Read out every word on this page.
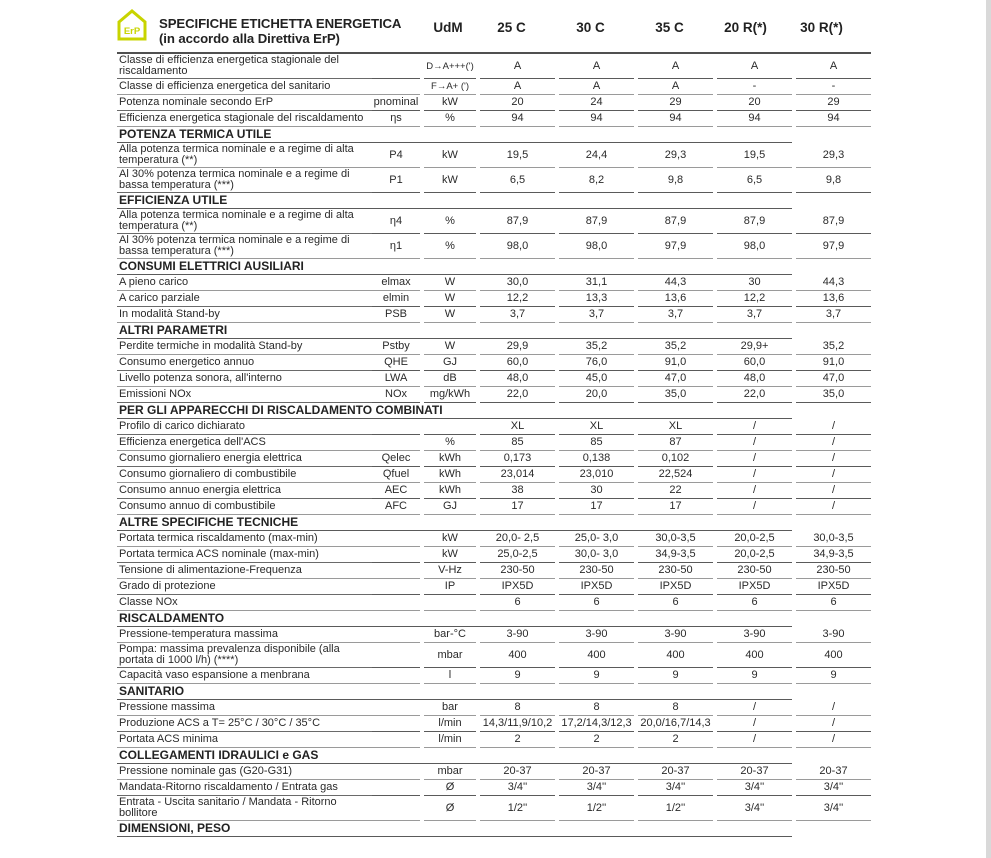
ErP
SPECIFICHE ETICHETTA ENERGETICA
(in accordo alla Direttiva ErP)
UdM	25 C	30 C	35 C	20 R(*)	30 R(*)
Classe di efficienza energetica stagionale del riscaldamento			D→A+++(')		A		A		A		A		A
Classe di efficienza energetica del sanitario			F→A+ (')		A		A		A		-		-
Potenza nominale secondo ErP	pnominal		kW		20		24		29		20		29
Efficienza energetica stagionale del riscaldamento	ηs		%		94		94		94		94		94
POTENZA TERMICA UTILE													
Alla potenza termica nominale e a regime di alta temperatura (**)	P4		kW		19,5		24,4		29,3		19,5		29,3
Al 30% potenza termica nominale e a regime di bassa temperatura (***)	P1		kW		6,5		8,2		9,8		6,5		9,8
EFFICIENZA UTILE													
Alla potenza termica nominale e a regime di alta temperatura (**)	η4		%		87,9		87,9		87,9		87,9		87,9
Al 30% potenza termica nominale e a regime di bassa temperatura (***)	η1		%		98,0		98,0		97,9		98,0		97,9
CONSUMI ELETTRICI AUSILIARI													
A pieno carico	elmax		W		30,0		31,1		44,3		30		44,3
A carico parziale	elmin		W		12,2		13,3		13,6		12,2		13,6
In modalità Stand-by	PSB		W		3,7		3,7		3,7		3,7		3,7
ALTRI PARAMETRI													
Perdite termiche in modalità Stand-by	Pstby		W		29,9		35,2		35,2		29,9+		35,2
Consumo energetico annuo	QHE		GJ		60,0		76,0		91,0		60,0		91,0
Livello potenza sonora, all'interno	LWA		dB		48,0		45,0		47,0		48,0		47,0
Emissioni NOx	NOx		mg/kWh		22,0		20,0		35,0		22,0		35,0
PER GLI APPARECCHI DI RISCALDAMENTO COMBINATI													
Profilo di carico dichiarato					XL		XL		XL		/		/
Efficienza energetica dell'ACS			%		85		85		87		/		/
Consumo giornaliero energia elettrica	Qelec		kWh		0,173		0,138		0,102		/		/
Consumo giornaliero di combustibile	Qfuel		kWh		23,014		23,010		22,524		/		/
Consumo annuo energia elettrica	AEC		kWh		38		30		22		/		/
Consumo annuo di combustibile	AFC		GJ		17		17		17		/		/
ALTRE SPECIFICHE TECNICHE													
Portata termica riscaldamento (max-min)			kW		20,0- 2,5		25,0- 3,0		30,0-3,5		20,0-2,5		30,0-3,5
Portata termica ACS nominale (max-min)			kW		25,0-2,5		30,0- 3,0		34,9-3,5		20,0-2,5		34,9-3,5
Tensione di alimentazione-Frequenza			V-Hz		230-50		230-50		230-50		230-50		230-50
Grado di protezione			IP		IPX5D		IPX5D		IPX5D		IPX5D		IPX5D
Classe NOx					6		6		6		6		6
RISCALDAMENTO													
Pressione-temperatura massima			bar-°C		3-90		3-90		3-90		3-90		3-90
Pompa: massima prevalenza disponibile (alla portata di 1000 l/h) (****)			mbar		400		400		400		400		400
Capacità vaso espansione a menbrana			l		9		9		9		9		9
SANITARIO													
Pressione massima			bar		8		8		8		/		/
Produzione ACS a T= 25°C / 30°C / 35°C			l/min		14,3/11,9/10,2		17,2/14,3/12,3		20,0/16,7/14,3		/		/
Portata ACS minima			l/min		2		2		2		/		/
COLLEGAMENTI IDRAULICI e GAS													
Pressione nominale gas (G20-G31)			mbar		20-37		20-37		20-37		20-37		20-37
Mandata-Ritorno riscaldamento / Entrata gas			Ø		3/4''		3/4''		3/4''		3/4''		3/4''
Entrata - Uscita sanitario / Mandata - Ritorno bollitore			Ø		1/2''		1/2''		1/2''		3/4''		3/4''
DIMENSIONI, PESO													
